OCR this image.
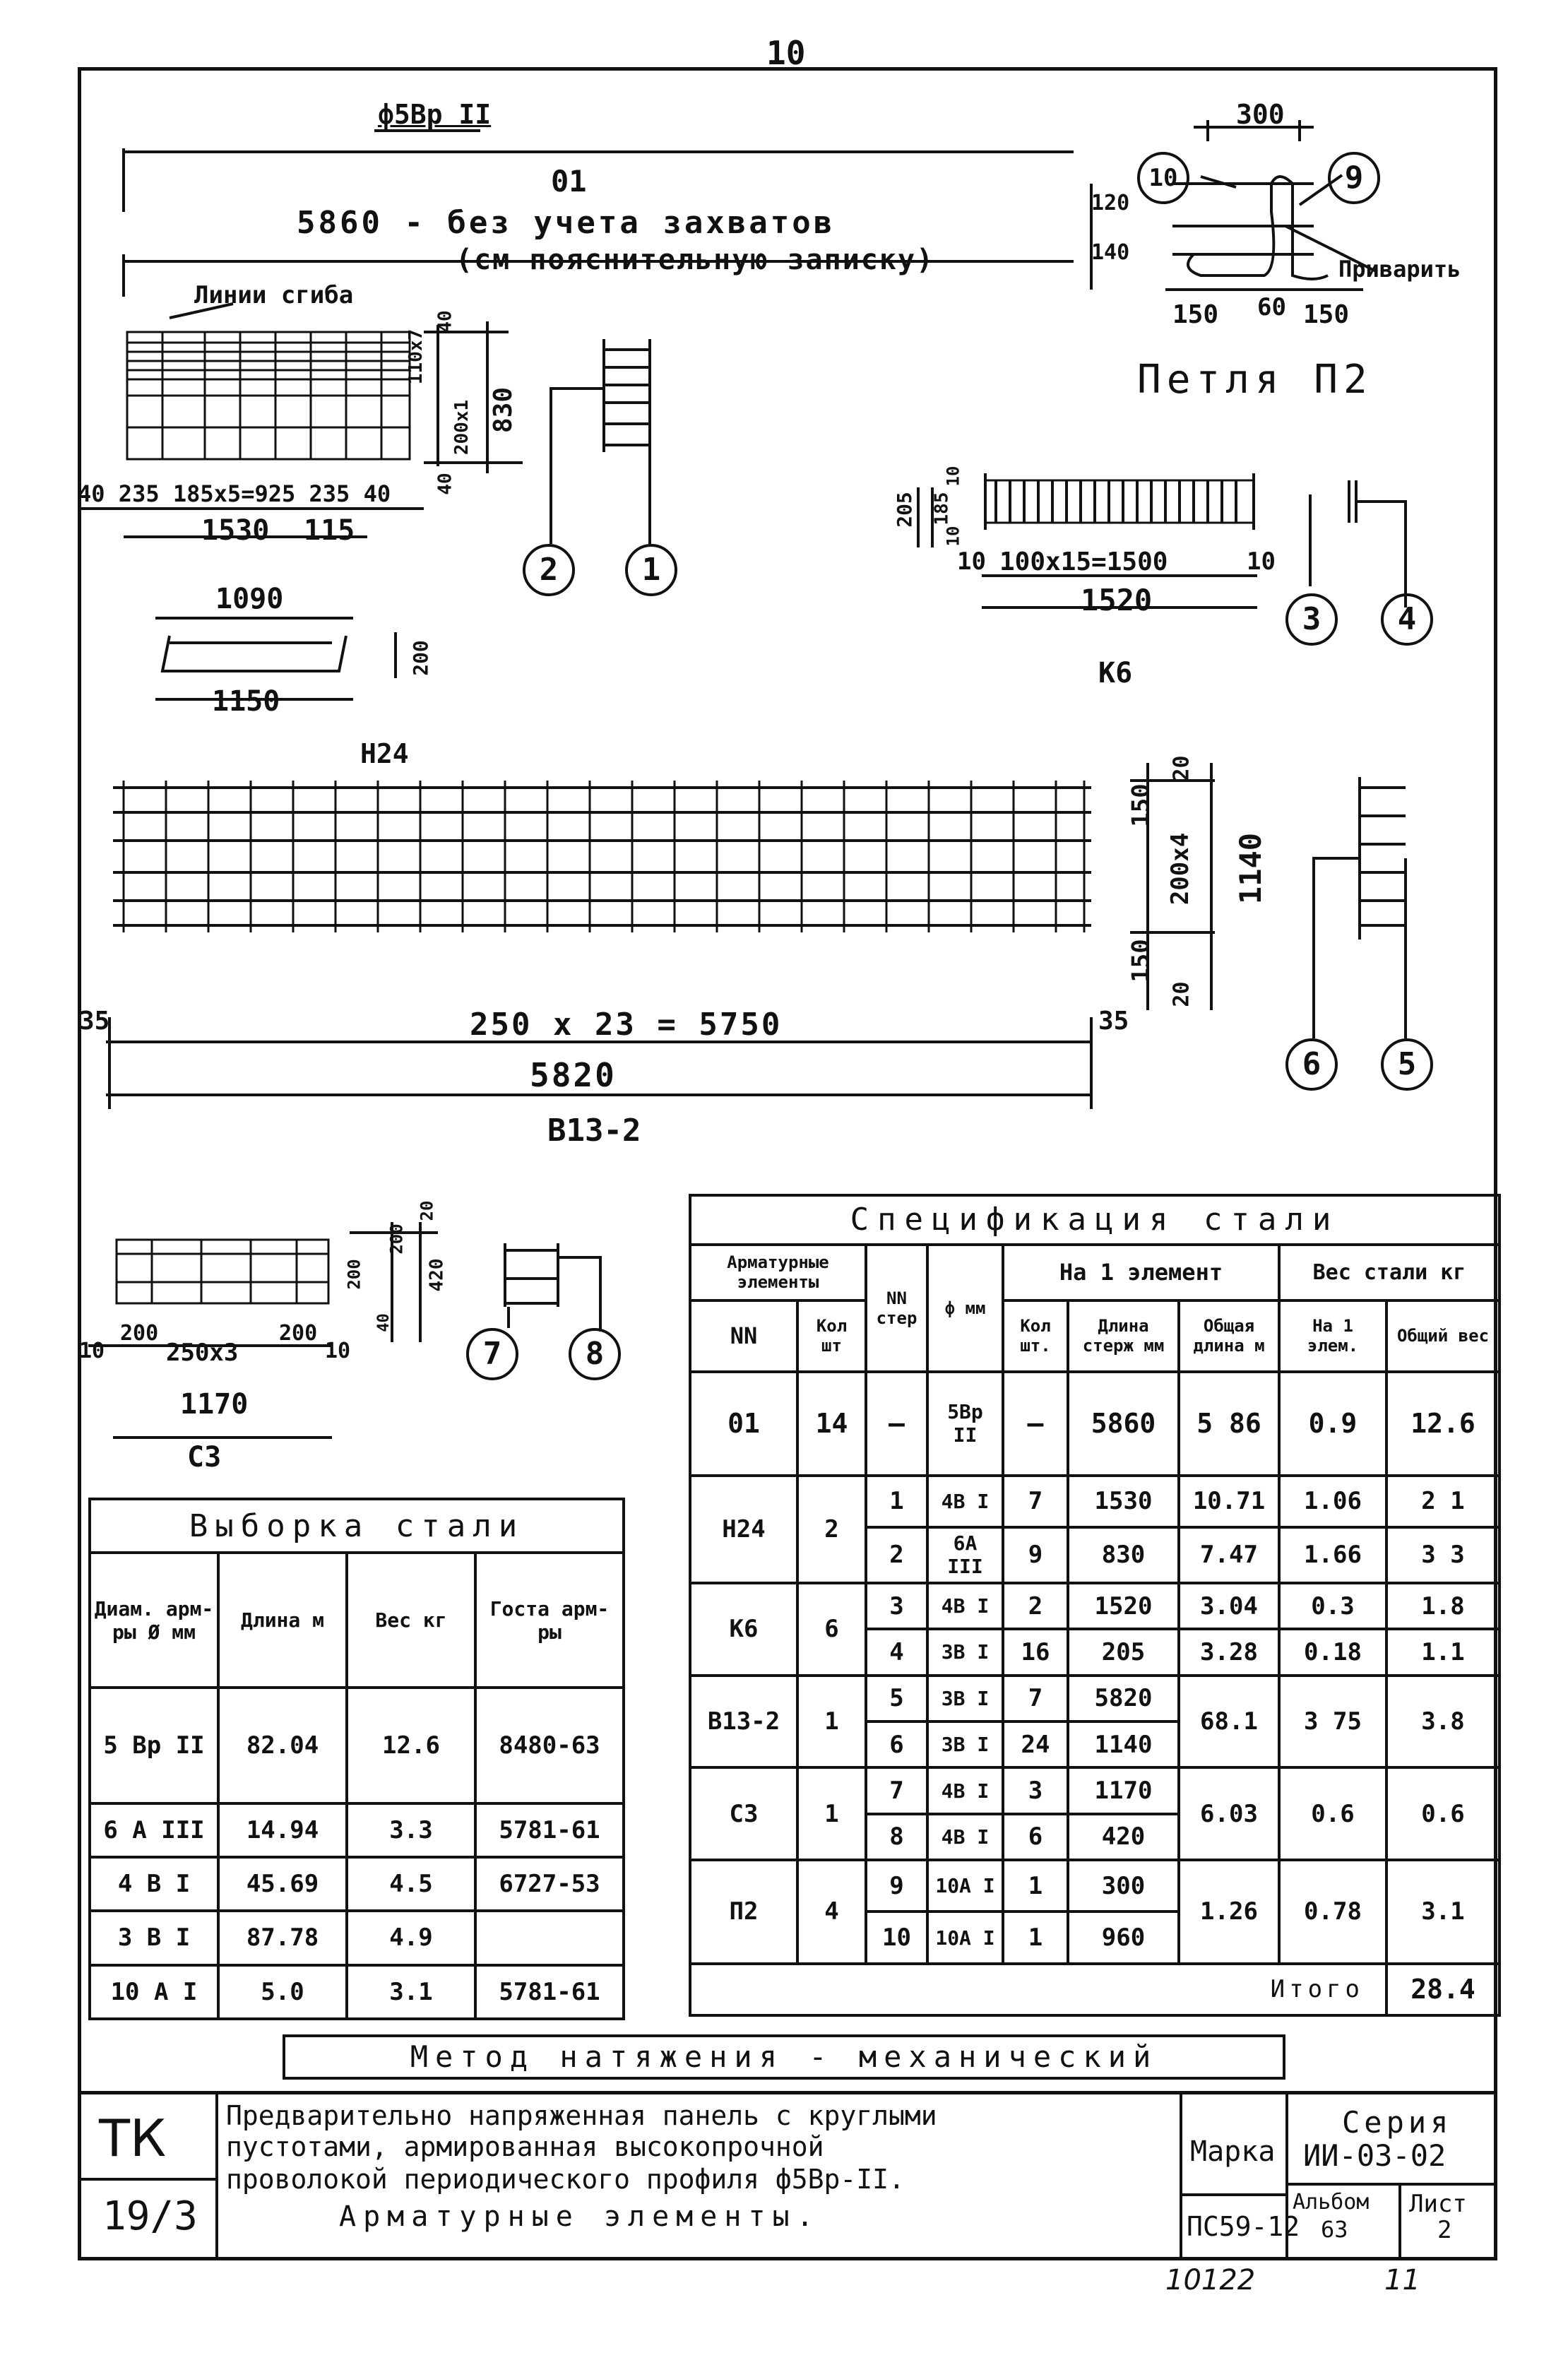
10
ф5Вр II
01
5860 - без учета захватов
(см пояснительную записку)
300
120
140
150 60 150
Приварить
Петля П2
10	9
Линии сгиба
40 235 185x5=925 235 40
1530 115
40
110x7
200x1 830
40
1090
1150
200
Н24
2	1
205 185
10
10
10 100x15=1500	10
1520
К6
3	4
35	250 x 23 = 5750	35
5820
В13-2
20
150
200x4 1140
150
20
6	5
10
200
250x3
200
10
1170
С3
20
200
200	420
40
7	8
Выборка стали			
Диам. арм-ры Ø мм	Длина м	Вес кг	Госта арм-ры
5 Вр II	82.04	12.6	8480-63
6 А III	14.94	3.3	5781-61
4 В I	45.69	4.5	6727-53
3 В I	87.78	4.9	
10 А I	5.0	3.1	5781-61
Спецификация стали								
Арматурные элементы		NN стер	ф мм	На 1 элемент			Вес стали кг	
NN	Кол шт			Кол шт.	Длина стерж мм	Общая длина м	На 1 элем.	Общий вес
01	14	—	5Вр II	—	5860	5 86	0.9	12.6
Н24	2	1	4В I	7	1530	10.71	1.06	2 1
		2	6А III	9	830	7.47	1.66	3 3
К6	6	3	4В I	2	1520	3.04	0.3	1.8
		4	3В I	16	205	3.28	0.18	1.1
В13-2	1	5	3В I	7	5820	68.1	3 75	3.8
		6	3В I	24	1140			
С3	1	7	4В I	3	1170	6.03	0.6	0.6
		8	4В I	6	420			
П2	4	9	10А I	1	300	1.26	0.78	3.1
		10	10А I	1	960			
Итого								28.4
Метод натяжения - механический
ТК
19/3
Предварительно напряженная панель с круглыми
пустотами, армированная высокопрочной
проволокой периодического профиля ф5Вр-II.
Арматурные элементы.
Марка
ПС59-12
Серия
ИИ-03-02
Альбом
63
Лист
2
10122	11
